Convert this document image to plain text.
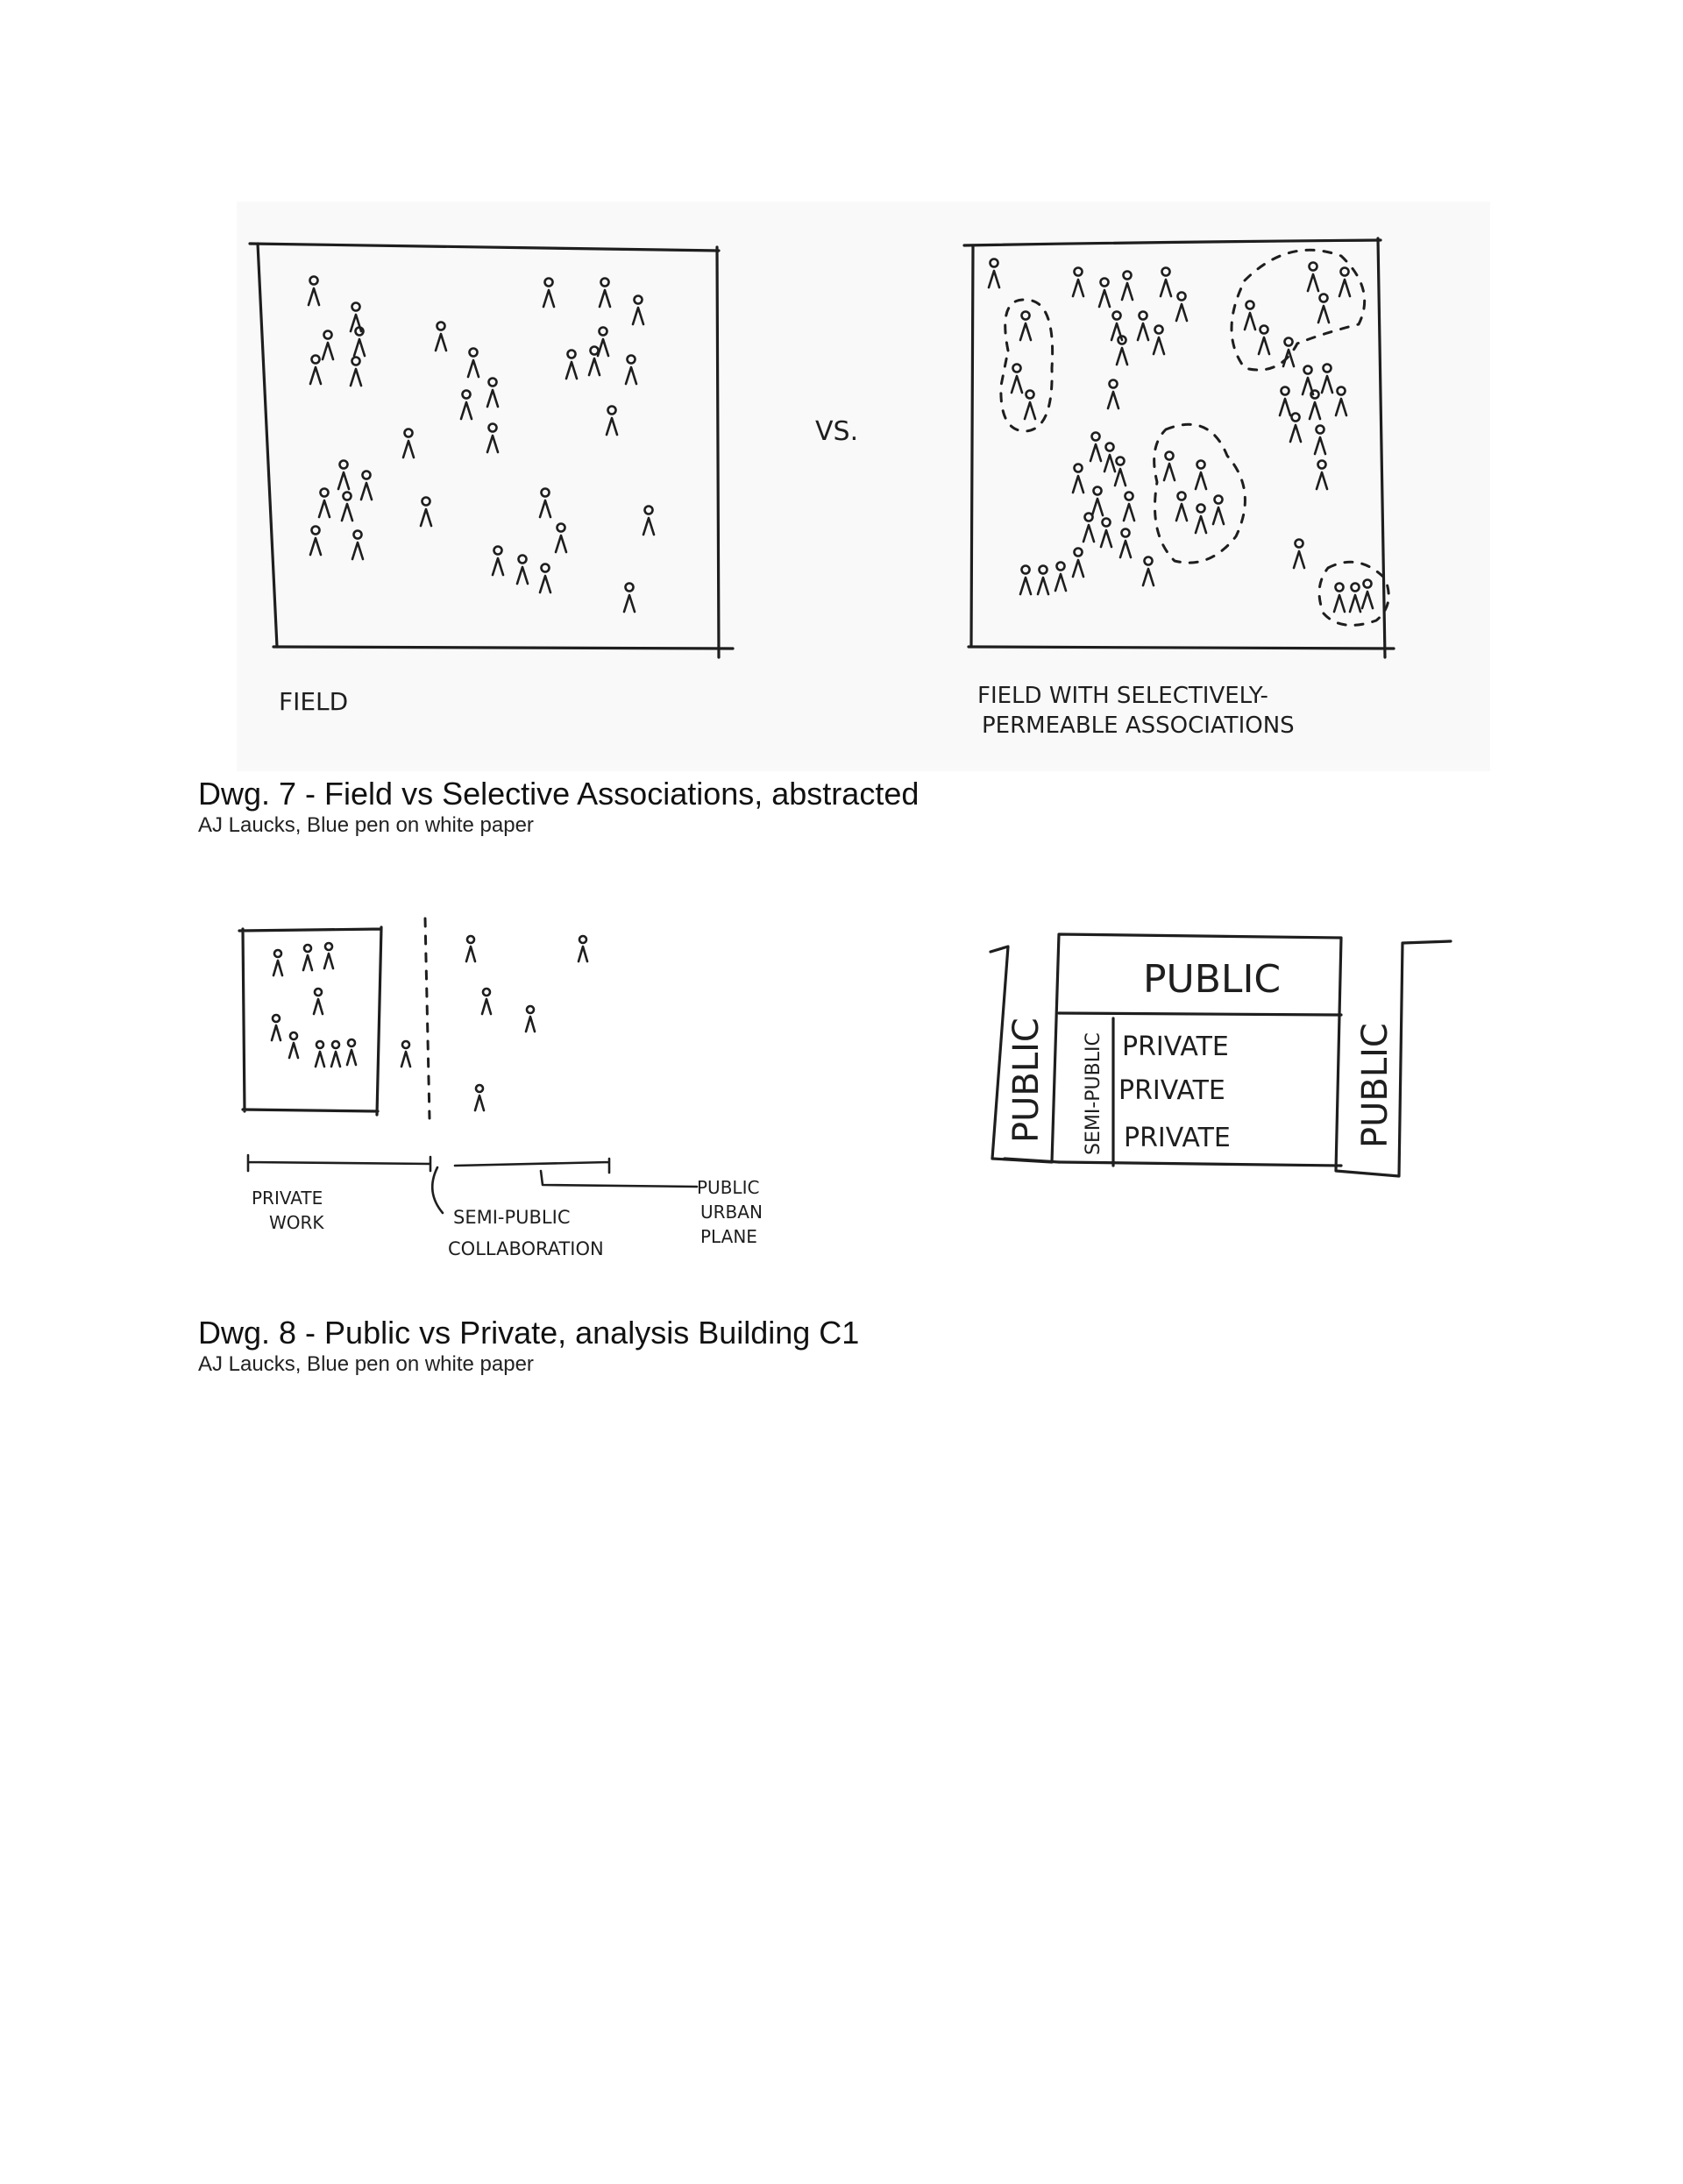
FIELD
VS.
FIELD WITH SELECTIVELY-
PERMEABLE ASSOCIATIONS
Dwg. 7 - Field vs Selective Associations, abstracted
AJ Laucks, Blue pen on white paper
PRIVATE
WORK	SEMI-PUBLIC
COLLABORATION
PUBLIC
URBAN
PLANE
PUBLIC
PUBLIC	PUBLIC
SEMI-PUBLIC PRIVATE
PRIVATE
PRIVATE
Dwg. 8 - Public vs Private, analysis Building C1
AJ Laucks, Blue pen on white paper
